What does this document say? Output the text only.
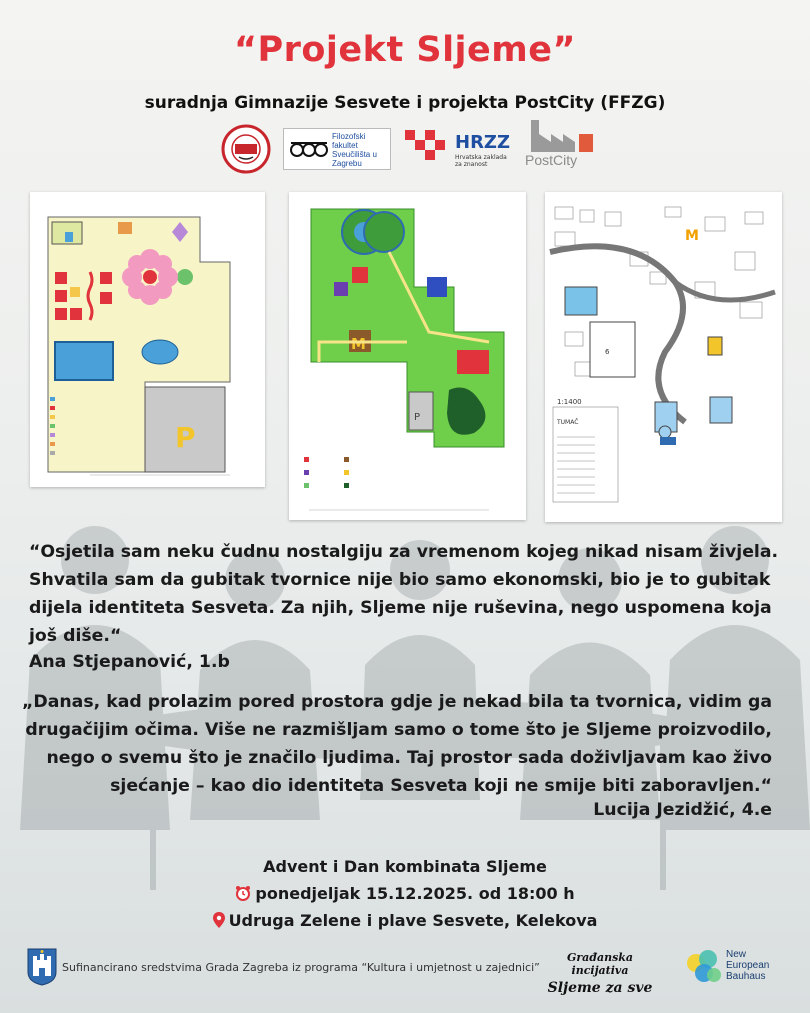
“Projekt Sljeme”
suradnja Gimnazije Sesvete i projekta PostCity (FFZG)
Filozofski
fakultet
Sveučilišta u
Zagrebu
HRZZ
Hrvatska zaklada
za znanost	PostCity
P
M
P
6
M
1:1400
TUMAČ
“Osjetila sam neku čudnu nostalgiju za vremenom kojeg nikad nisam živjela. Shvatila sam da gubitak tvornice nije bio samo ekonomski, bio je to gubitak dijela identiteta Sesveta. Za njih, Sljeme nije ruševina, nego uspomena koja još diše.“
Ana Stjepanović, 1.b
„Danas, kad prolazim pored prostora gdje je nekad bila ta tvornica, vidim ga drugačijim očima. Više ne razmišljam samo o tome što je Sljeme proizvodilo, nego o svemu što je značilo ljudima. Taj prostor sada doživljavam kao živo sjećanje – kao dio identiteta Sesveta koji ne smije biti zaboravljen.“
Lucija Jezidžić, 4.e
Advent i Dan kombinata Sljeme
ponedjeljak 15.12.2025. od 18:00 h
Udruga Zelene i plave Sesvete, Kelekova
Sufinancirano sredstvima Grada Zagreba iz programa “Kultura i umjetnost u zajednici”
Građanska incijativa
Sljeme za sve
New
European
Bauhaus
